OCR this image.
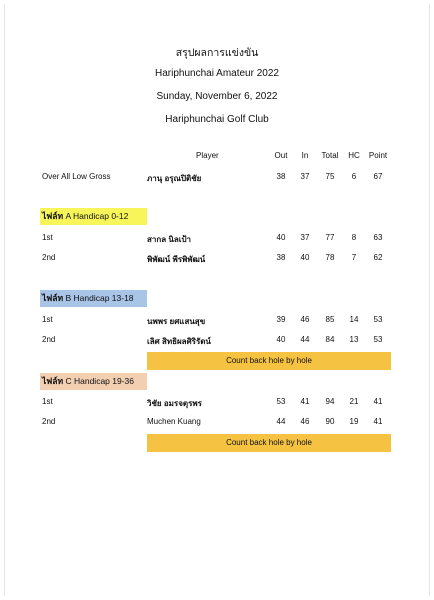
สรุปผลการแข่งขัน
Hariphunchai Amateur 2022
Sunday, November 6, 2022
Hariphunchai Golf Club
Player	Out	In	Total	HC	Point
Over All Low Gross	ภานุ อรุณปิติชัย	38	37	75	6	67
ไฟล์ท A Handicap 0-12
1st	สากล นิลเป้า	40	37	77	8	63
2nd	พิพัฒน์ พีรพิพัฒน์	38	40	78	7	62
ไฟล์ท B Handicap 13-18
1st	นพพร ยศแสนสุข	39	46	85	14	53
2nd	เลิศ สิทธิผลศิริรัตน์	40	44	84	13	53
Count back hole by hole
ไฟล์ท C Handicap 19-36
1st	วิชัย อมรจตุรพร	53	41	94	21	41
2nd	Muchen Kuang	44	46	90	19	41
Count back hole by hole
